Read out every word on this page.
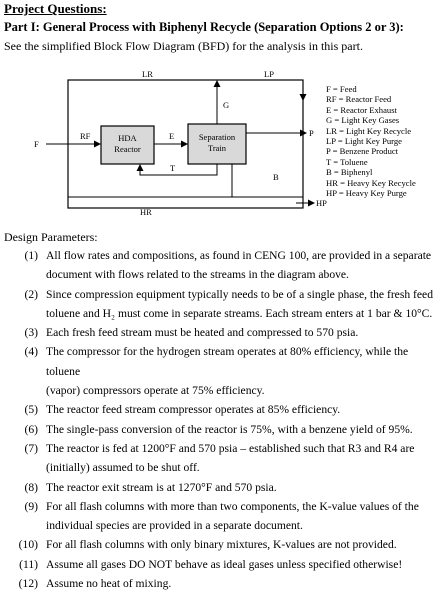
Project Questions:
Part I: General Process with Biphenyl Recycle (Separation Options 2 or 3):
See the simplified Block Flow Diagram (BFD) for the analysis in this part.
HDA
Reactor
Separation
Train
F
RF	E
G
LR	LP
P
T
B
HR
HP
F = Feed
RF = Reactor Feed
E = Reactor Exhaust
G = Light Key Gases
LR = Light Key Recycle
LP = Light Key Purge
P = Benzene Product
T = Toluene
B = Biphenyl
HR = Heavy Key Recycle
HP = Heavy Key Purge
Design Parameters:
(1) All flow rates and compositions, as found in CENG 100, are provided in a separate
document with flows related to the streams in the diagram above.
(2) Since compression equipment typically needs to be of a single phase, the fresh feed
toluene and H₂ must come in separate streams. Each stream enters at 1 bar & 10°C.
(3) Each fresh feed stream must be heated and compressed to 570 psia.
(4) The compressor for the hydrogen stream operates at 80% efficiency, while the toluene
(vapor) compressors operate at 75% efficiency.
(5) The reactor feed stream compressor operates at 85% efficiency.
(6) The single-pass conversion of the reactor is 75%, with a benzene yield of 95%.
(7) The reactor is fed at 1200°F and 570 psia – established such that R3 and R4 are
(initially) assumed to be shut off.
(8) The reactor exit stream is at 1270°F and 570 psia.
(9) For all flash columns with more than two components, the K-value values of the
individual species are provided in a separate document.
(10) For all flash columns with only binary mixtures, K-values are not provided.
(11) Assume all gases DO NOT behave as ideal gases unless specified otherwise!
(12) Assume no heat of mixing.
